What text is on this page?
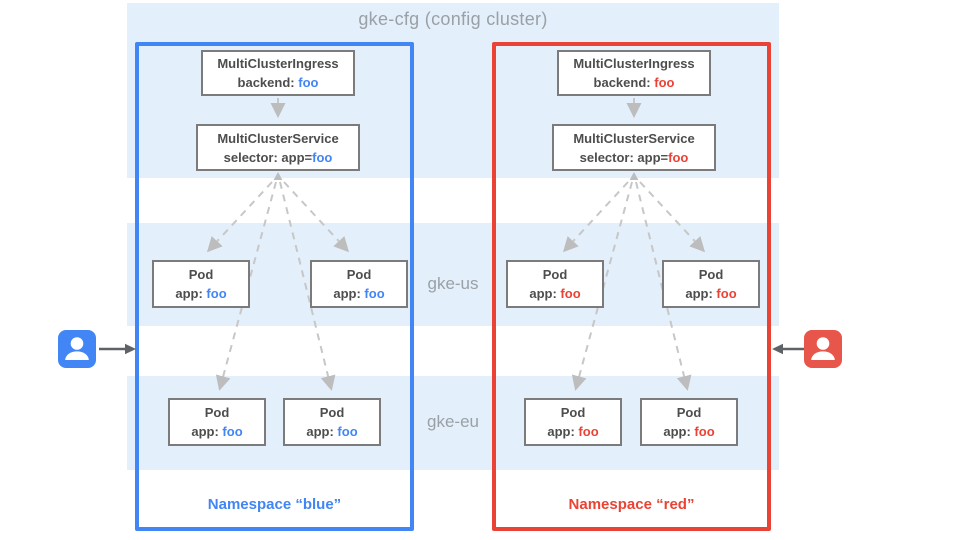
gke-cfg (config cluster)
gke-us
gke-eu
MultiClusterIngress
backend: foo
MultiClusterService
selector: app=foo
Pod
app: foo
Pod
app: foo
Pod
app: foo
Pod
app: foo
MultiClusterIngress
backend: foo
MultiClusterService
selector: app=foo
Pod
app: foo
Pod
app: foo
Pod
app: foo
Pod
app: foo
Namespace “blue”	Namespace “red”
